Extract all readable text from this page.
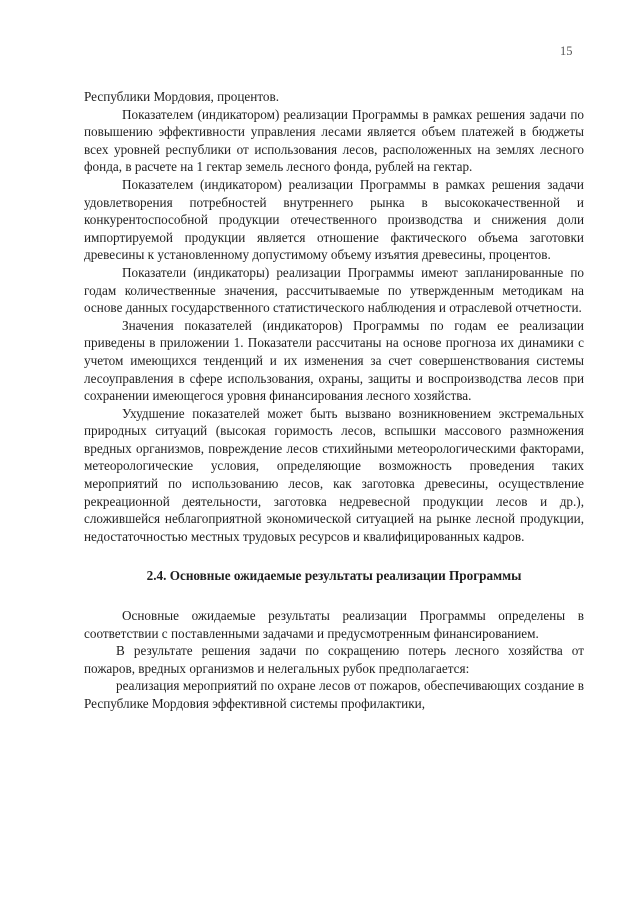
15

Республики Мордовия, процентов.

Показателем (индикатором) реализации Программы в рамках решения задачи по повышению эффективности управления лесами является объем платежей в бюджеты всех уровней республики от использования лесов, расположенных на землях лесного фонда, в расчете на 1 гектар земель лесного фонда, рублей на гектар.

Показателем (индикатором) реализации Программы в рамках решения задачи удовлетворения потребностей внутреннего рынка в высококачественной и конкурентоспособной продукции отечественного производства и снижения доли импортируемой продукции является отношение фактического объема заготовки древесины к установленному допустимому объему изъятия древесины, процентов.

Показатели (индикаторы) реализации Программы имеют запланированные по годам количественные значения, рассчитываемые по утвержденным методикам на основе данных государственного статистического наблюдения и отраслевой отчетности.

Значения показателей (индикаторов) Программы по годам ее реализации приведены в приложении 1. Показатели рассчитаны на основе прогноза их динамики с учетом имеющихся тенденций и их изменения за счет совершенствования системы лесоуправления в сфере использования, охраны, защиты и воспроизводства лесов при сохранении имеющегося уровня финансирования лесного хозяйства.

Ухудшение показателей может быть вызвано возникновением экстремальных природных ситуаций (высокая горимость лесов, вспышки массового размножения вредных организмов, повреждение лесов стихийными метеорологическими факторами, метеорологические условия, определяющие возможность проведения таких мероприятий по использованию лесов, как заготовка древесины, осуществление рекреационной деятельности, заготовка недревесной продукции лесов и др.), сложившейся неблагоприятной экономической ситуацией на рынке лесной продукции, недостаточностью местных трудовых ресурсов и квалифицированных кадров.

2.4. Основные ожидаемые результаты реализации Программы

Основные ожидаемые результаты реализации Программы определены в соответствии с поставленными задачами и предусмотренным финансированием.

В результате решения задачи по сокращению потерь лесного хозяйства от пожаров, вредных организмов и нелегальных рубок предполагается:

реализация мероприятий по охране лесов от пожаров, обеспечивающих создание в Республике Мордовия эффективной системы профилактики,
